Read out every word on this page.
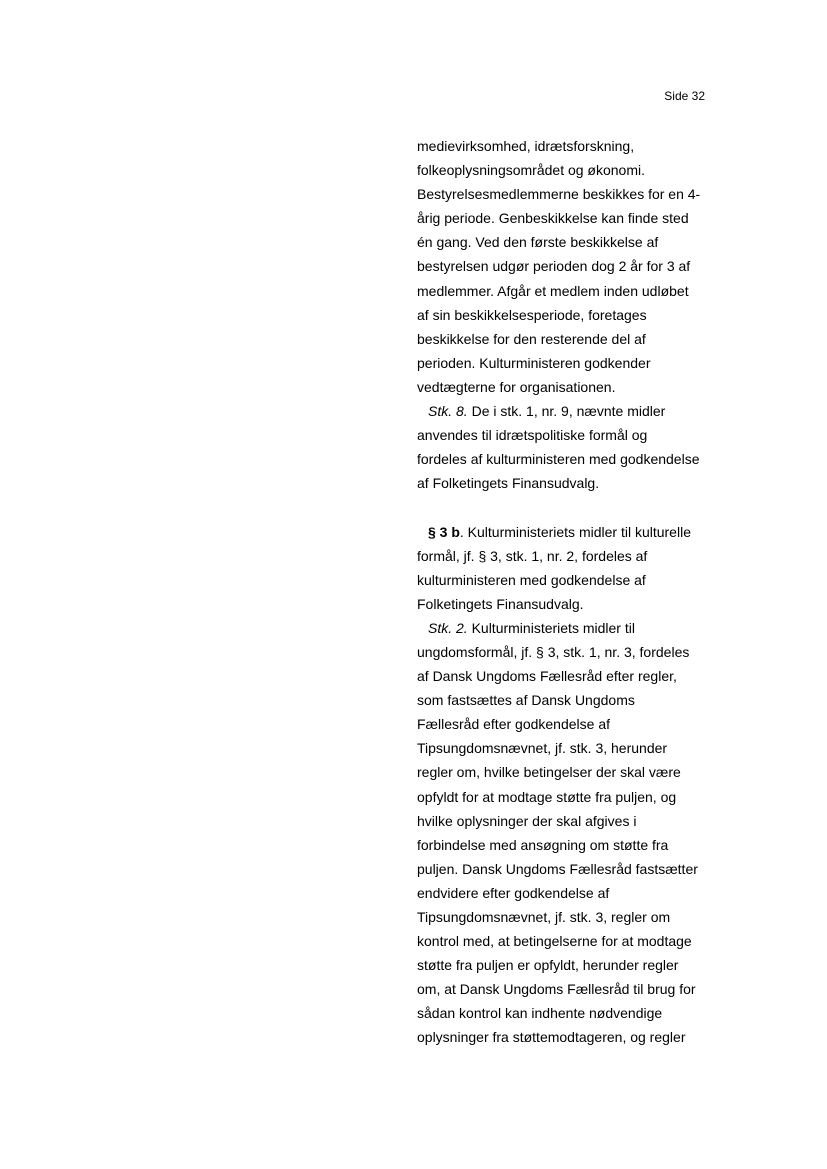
Side 32
medievirksomhed, idrætsforskning,
folkeoplysningsområdet og økonomi.
Bestyrelsesmedlemmerne beskikkes for en 4-
årig periode. Genbeskikkelse kan finde sted
én gang. Ved den første beskikkelse af
bestyrelsen udgør perioden dog 2 år for 3 af
medlemmer. Afgår et medlem inden udløbet
af sin beskikkelsesperiode, foretages
beskikkelse for den resterende del af
perioden. Kulturministeren godkender
vedtægterne for organisationen.
Stk. 8. De i stk. 1, nr. 9, nævnte midler
anvendes til idrætspolitiske formål og
fordeles af kulturministeren med godkendelse
af Folketingets Finansudvalg.
§ 3 b. Kulturministeriets midler til kulturelle
formål, jf. § 3, stk. 1, nr. 2, fordeles af
kulturministeren med godkendelse af
Folketingets Finansudvalg.
Stk. 2. Kulturministeriets midler til
ungdomsformål, jf. § 3, stk. 1, nr. 3, fordeles
af Dansk Ungdoms Fællesråd efter regler,
som fastsættes af Dansk Ungdoms
Fællesråd efter godkendelse af
Tipsungdomsnævnet, jf. stk. 3, herunder
regler om, hvilke betingelser der skal være
opfyldt for at modtage støtte fra puljen, og
hvilke oplysninger der skal afgives i
forbindelse med ansøgning om støtte fra
puljen. Dansk Ungdoms Fællesråd fastsætter
endvidere efter godkendelse af
Tipsungdomsnævnet, jf. stk. 3, regler om
kontrol med, at betingelserne for at modtage
støtte fra puljen er opfyldt, herunder regler
om, at Dansk Ungdoms Fællesråd til brug for
sådan kontrol kan indhente nødvendige
oplysninger fra støttemodtageren, og regler
